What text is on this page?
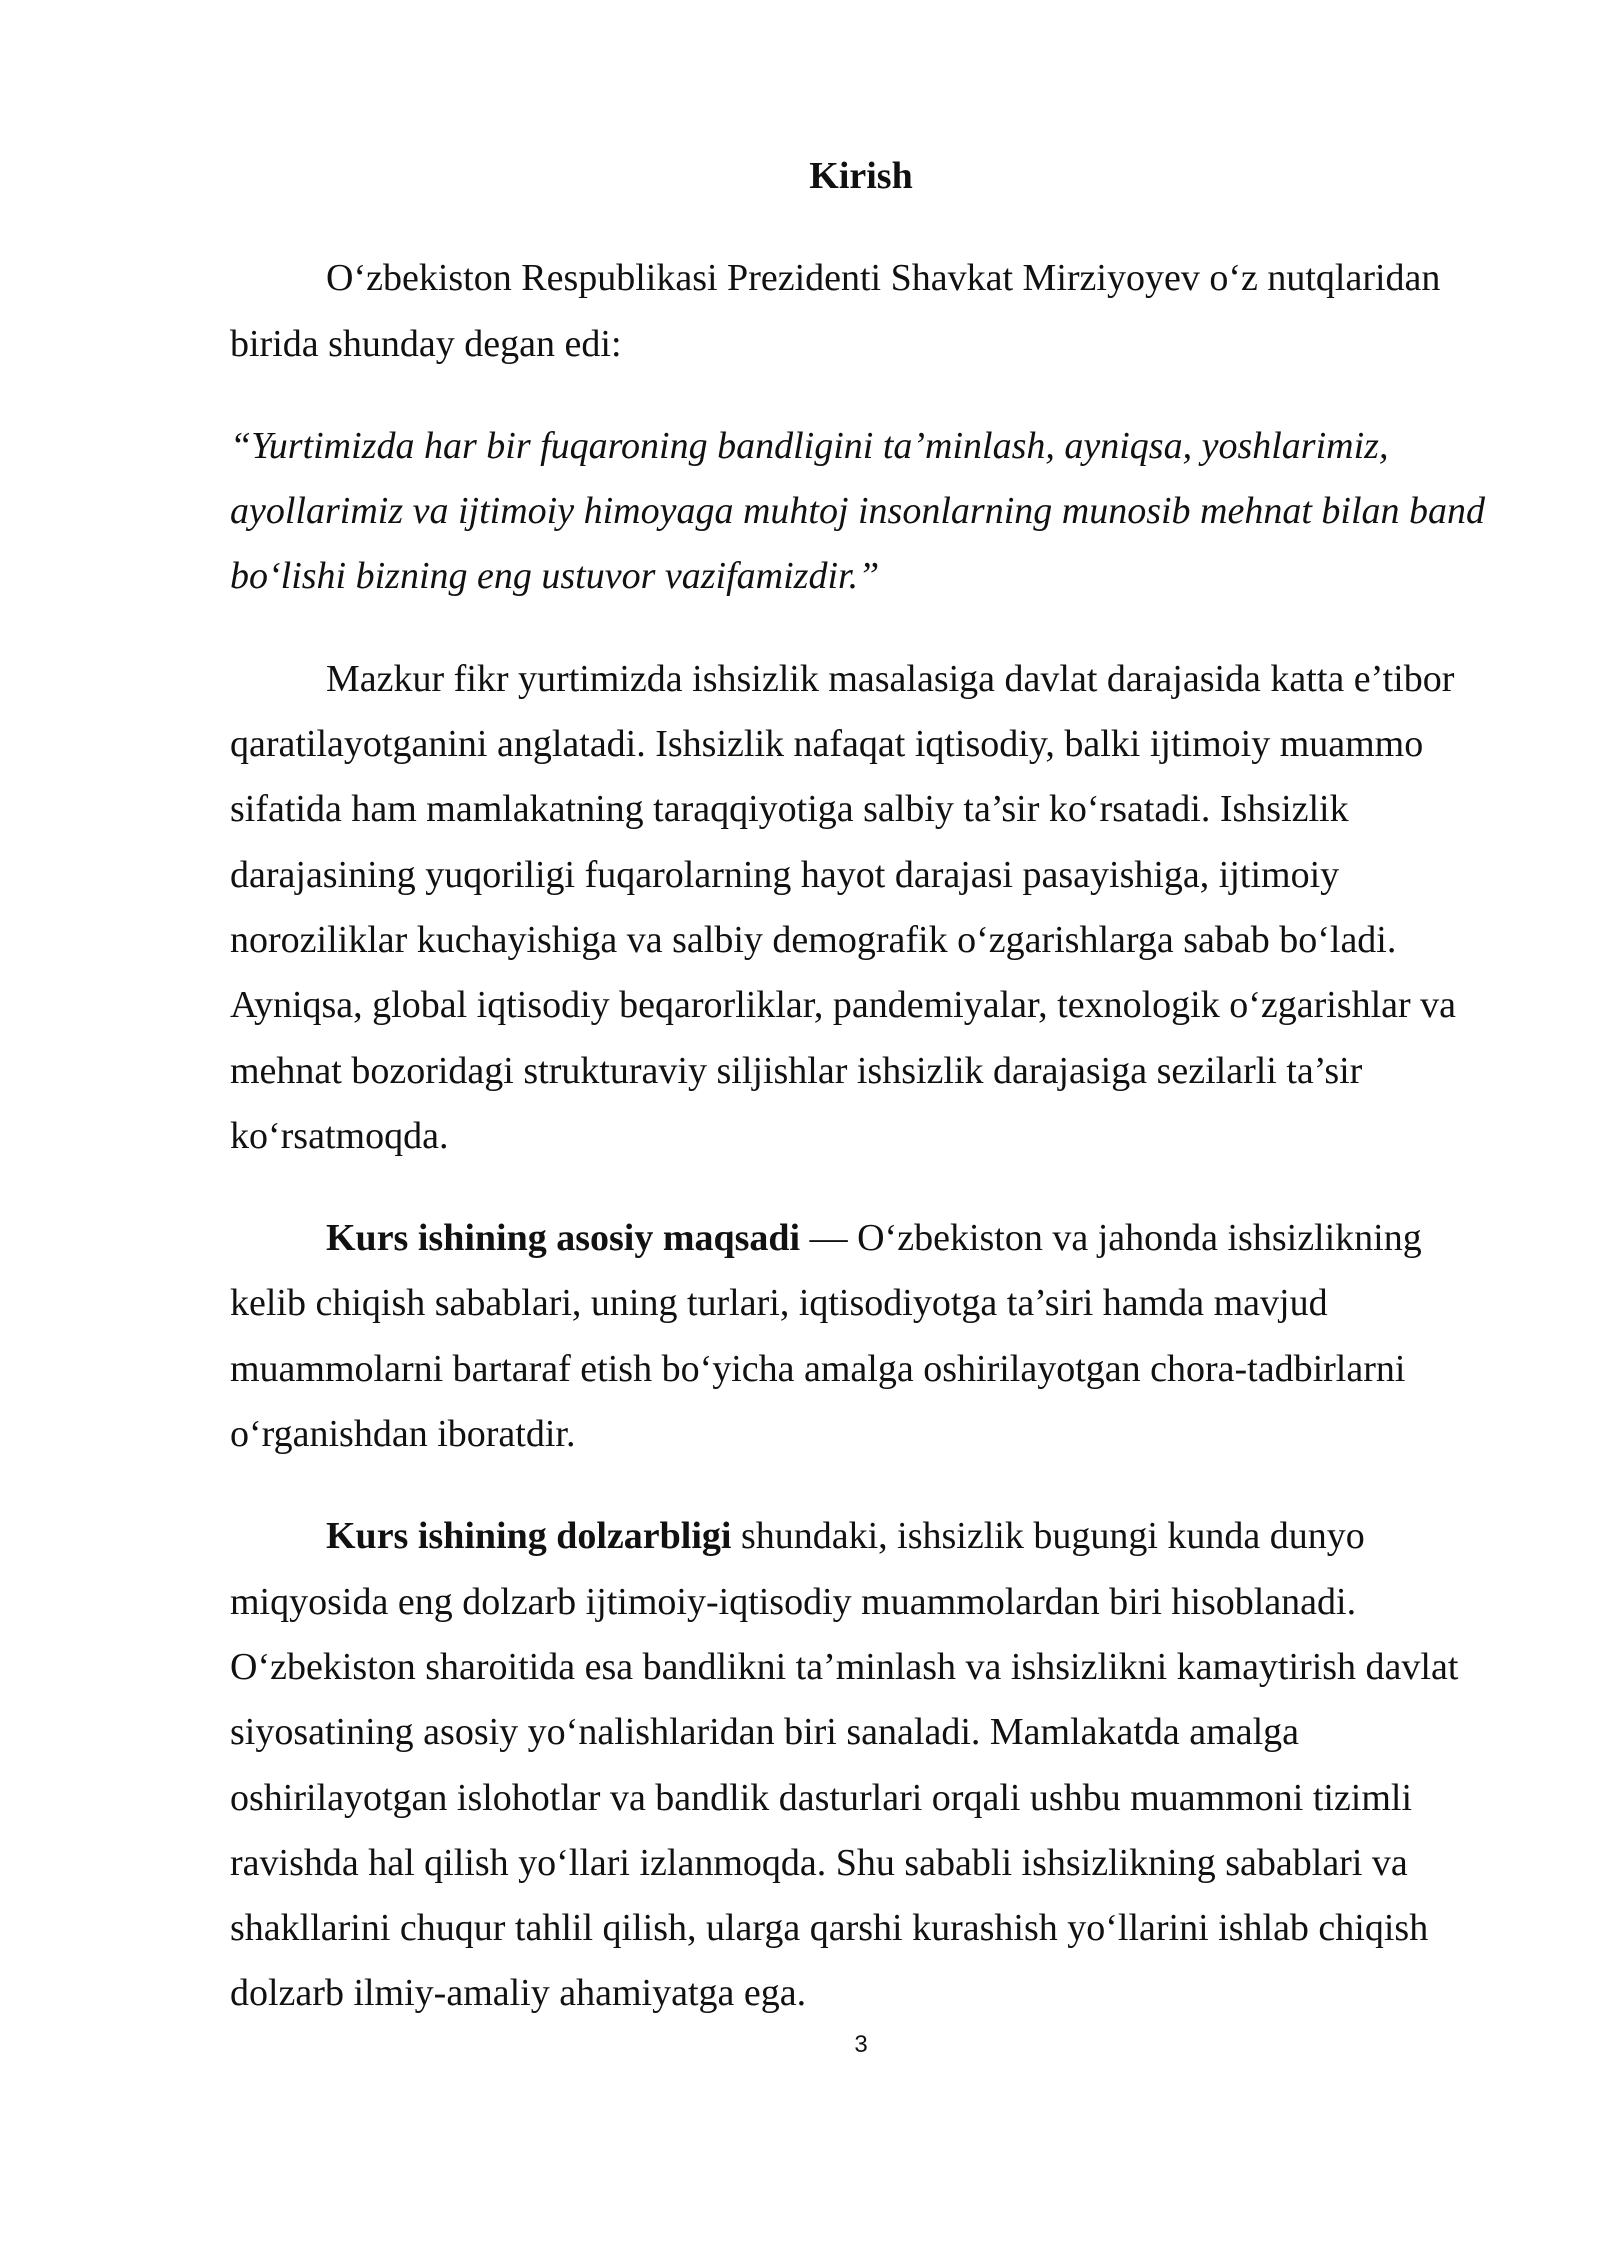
Kirish
O‘zbekiston Respublikasi Prezidenti Shavkat Mirziyoyev o‘z nutqlaridan
birida shunday degan edi:
“Yurtimizda har bir fuqaroning bandligini ta’minlash, ayniqsa, yoshlarimiz,
ayollarimiz va ijtimoiy himoyaga muhtoj insonlarning munosib mehnat bilan band
bo‘lishi bizning eng ustuvor vazifamizdir.”
Mazkur fikr yurtimizda ishsizlik masalasiga davlat darajasida katta e’tibor
qaratilayotganini anglatadi. Ishsizlik nafaqat iqtisodiy, balki ijtimoiy muammo
sifatida ham mamlakatning taraqqiyotiga salbiy ta’sir ko‘rsatadi. Ishsizlik
darajasining yuqoriligi fuqarolarning hayot darajasi pasayishiga, ijtimoiy
noroziliklar kuchayishiga va salbiy demografik o‘zgarishlarga sabab bo‘ladi.
Ayniqsa, global iqtisodiy beqarorliklar, pandemiyalar, texnologik o‘zgarishlar va
mehnat bozoridagi strukturaviy siljishlar ishsizlik darajasiga sezilarli ta’sir
ko‘rsatmoqda.
Kurs ishining asosiy maqsadi — O‘zbekiston va jahonda ishsizlikning
kelib chiqish sabablari, uning turlari, iqtisodiyotga ta’siri hamda mavjud
muammolarni bartaraf etish bo‘yicha amalga oshirilayotgan chora-tadbirlarni
o‘rganishdan iboratdir.
Kurs ishining dolzarbligi shundaki, ishsizlik bugungi kunda dunyo
miqyosida eng dolzarb ijtimoiy-iqtisodiy muammolardan biri hisoblanadi.
O‘zbekiston sharoitida esa bandlikni ta’minlash va ishsizlikni kamaytirish davlat
siyosatining asosiy yo‘nalishlaridan biri sanaladi. Mamlakatda amalga
oshirilayotgan islohotlar va bandlik dasturlari orqali ushbu muammoni tizimli
ravishda hal qilish yo‘llari izlanmoqda. Shu sababli ishsizlikning sabablari va
shakllarini chuqur tahlil qilish, ularga qarshi kurashish yo‘llarini ishlab chiqish
dolzarb ilmiy-amaliy ahamiyatga ega.
3
